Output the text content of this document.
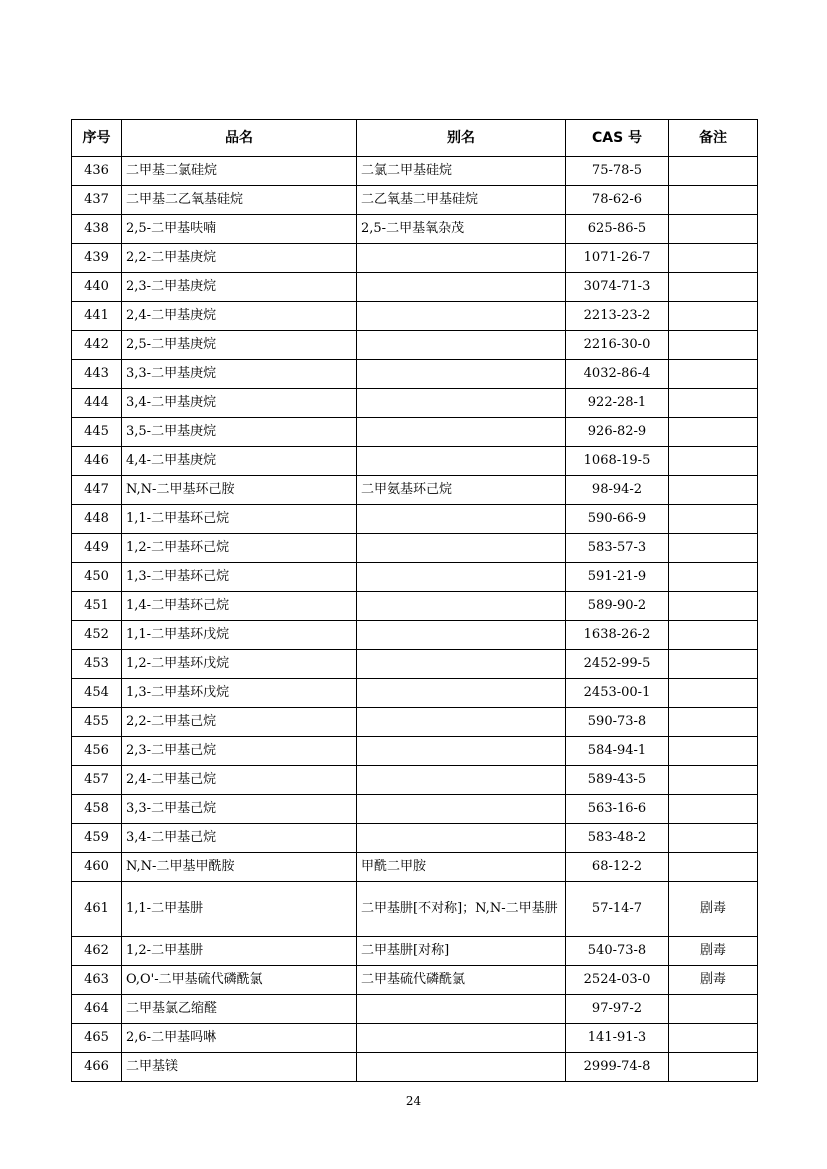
序号	品名	别名	CAS 号	备注
436	二甲基二氯硅烷	二氯二甲基硅烷	75-78-5	
437	二甲基二乙氧基硅烷	二乙氧基二甲基硅烷	78-62-6	
438	2,5-二甲基呋喃	2,5-二甲基氧杂茂	625-86-5	
439	2,2-二甲基庚烷		1071-26-7	
440	2,3-二甲基庚烷		3074-71-3	
441	2,4-二甲基庚烷		2213-23-2	
442	2,5-二甲基庚烷		2216-30-0	
443	3,3-二甲基庚烷		4032-86-4	
444	3,4-二甲基庚烷		922-28-1	
445	3,5-二甲基庚烷		926-82-9	
446	4,4-二甲基庚烷		1068-19-5	
447	N,N-二甲基环己胺	二甲氨基环己烷	98-94-2	
448	1,1-二甲基环己烷		590-66-9	
449	1,2-二甲基环己烷		583-57-3	
450	1,3-二甲基环己烷		591-21-9	
451	1,4-二甲基环己烷		589-90-2	
452	1,1-二甲基环戊烷		1638-26-2	
453	1,2-二甲基环戊烷		2452-99-5	
454	1,3-二甲基环戊烷		2453-00-1	
455	2,2-二甲基己烷		590-73-8	
456	2,3-二甲基己烷		584-94-1	
457	2,4-二甲基己烷		589-43-5	
458	3,3-二甲基己烷		563-16-6	
459	3,4-二甲基己烷		583-48-2	
460	N,N-二甲基甲酰胺	甲酰二甲胺	68-12-2	
461	1,1-二甲基肼	二甲基肼[不对称]；N,N-二甲基肼	57-14-7	剧毒
462	1,2-二甲基肼	二甲基肼[对称]	540-73-8	剧毒
463	O,O'-二甲基硫代磷酰氯	二甲基硫代磷酰氯	2524-03-0	剧毒
464	二甲基氯乙缩醛		97-97-2	
465	2,6-二甲基吗啉		141-91-3	
466	二甲基镁		2999-74-8	
24
